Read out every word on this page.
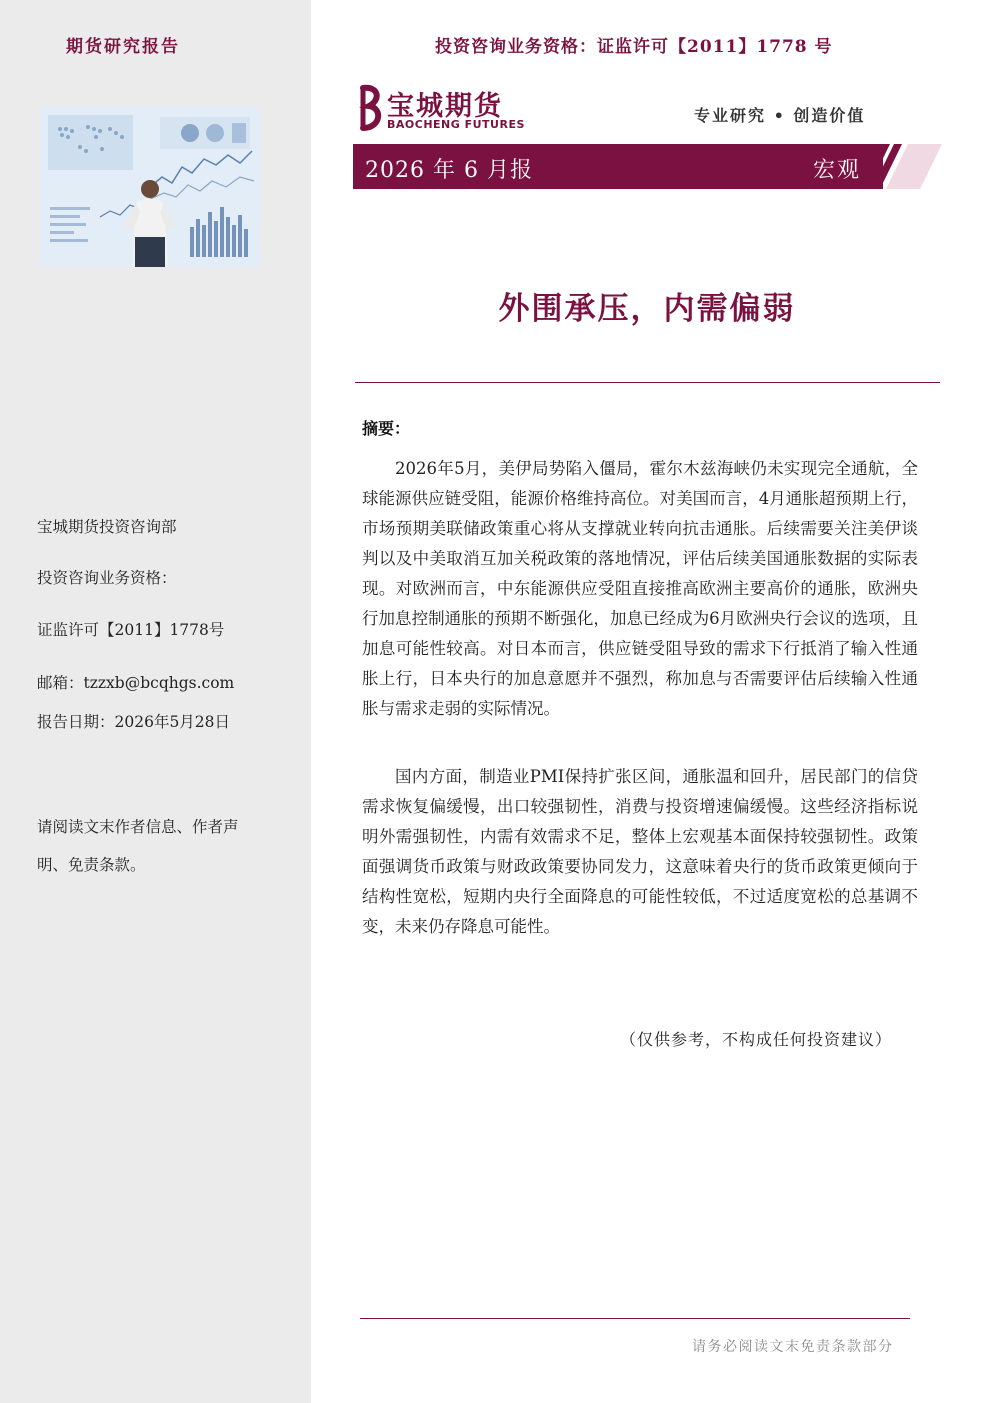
期货研究报告
宝城期货投资咨询部
投资咨询业务资格：
证监许可【2011】1778号
邮箱：tzzxb@bcqhgs.com
报告日期：2026年5月28日
请阅读文末作者信息、作者声
明、免责条款。
投资咨询业务资格：证监许可【2011】1778 号
宝城期货
BAOCHENG FUTURES	专业研究 • 创造价值
2026 年 6 月报	宏观
外围承压，内需偏弱
摘要：

2026年5月，美伊局势陷入僵局，霍尔木兹海峡仍未实现完全通航，全球能源供应链受阻，能源价格维持高位。对美国而言，4月通胀超预期上行，市场预期美联储政策重心将从支撑就业转向抗击通胀。后续需要关注美伊谈判以及中美取消互加关税政策的落地情况，评估后续美国通胀数据的实际表现。对欧洲而言，中东能源供应受阻直接推高欧洲主要高价的通胀，欧洲央行加息控制通胀的预期不断强化，加息已经成为6月欧洲央行会议的选项，且加息可能性较高。对日本而言，供应链受阻导致的需求下行抵消了输入性通胀上行，日本央行的加息意愿并不强烈，称加息与否需要评估后续输入性通胀与需求走弱的实际情况。

国内方面，制造业PMI保持扩张区间，通胀温和回升，居民部门的信贷需求恢复偏缓慢，出口较强韧性，消费与投资增速偏缓慢。这些经济指标说明外需强韧性，内需有效需求不足，整体上宏观基本面保持较强韧性。政策面强调货币政策与财政政策要协同发力，这意味着央行的货币政策更倾向于结构性宽松，短期内央行全面降息的可能性较低，不过适度宽松的总基调不变，未来仍存降息可能性。

（仅供参考，不构成任何投资建议）
请务必阅读文末免责条款部分
